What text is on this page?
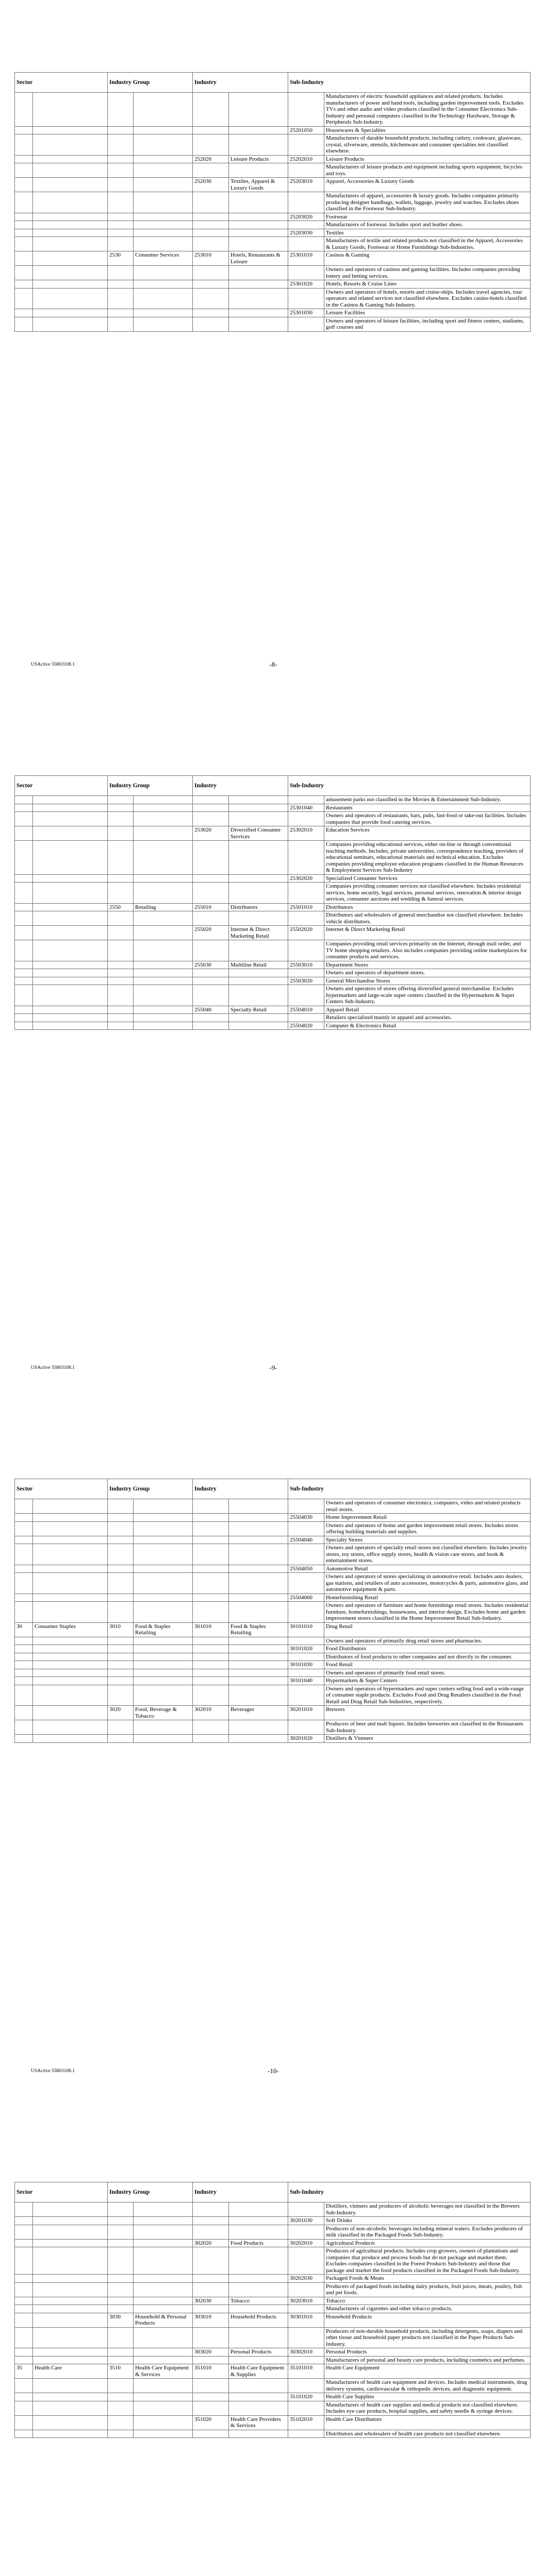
Sector		Industry Group		Industry		Sub-Industry	
							Manufacturers of electric household appliances and related products. Includes manufacturers of power and hand tools, including garden improvement tools. Excludes TVs and other audio and video products classified in the Consumer Electronics Sub-Industry and personal computers classified in the Technology Hardware, Storage & Peripherals Sub-Industry.
						25201050	Housewares & Specialties
							Manufacturers of durable household products, including cutlery, cookware, glassware, crystal, silverware, utensils, kitchenware and consumer specialties not classified elsewhere.
				252020	Leisure Products	25202010	Leisure Products
							Manufacturers of leisure products and equipment including sports equipment, bicycles and toys.
				252030	Textiles, Apparel & Luxury Goods	25203010	Apparel, Accessories & Luxury Goods
							Manufacturers of apparel, accessories & luxury goods. Includes companies primarily producing designer handbags, wallets, luggage, jewelry and watches. Excludes shoes classified in the Footwear Sub-Industry.
						25203020	Footwear
							Manufacturers of footwear. Includes sport and leather shoes.
						25203030	Textiles
							Manufacturers of textile and related products not classified in the Apparel, Accessories & Luxury Goods, Footwear or Home Furnishings Sub-Industries.
		2530	Consumer Services	253010	Hotels, Restaurants & Leisure	25301010	Casinos & Gaming
							Owners and operators of casinos and gaming facilities. Includes companies providing lottery and betting services.
						25301020	Hotels, Resorts & Cruise Lines
							Owners and operators of hotels, resorts and cruise-ships. Includes travel agencies, tour operators and related services not classified elsewhere. Excludes casino-hotels classified in the Casinos & Gaming Sub-Industry.
						25301030	Leisure Facilities
							Owners and operators of leisure facilities, including sport and fitness centers, stadiums, golf courses and
USActive 55803108.1	-8-
Sector		Industry Group		Industry		Sub-Industry	
							amusement parks not classified in the Movies & Entertainment Sub-Industry.
						25301040	Restaurants
							Owners and operators of restaurants, bars, pubs, fast-food or take-out facilities. Includes companies that provide food catering services.
				253020	Diversified Consumer Services	25302010	Education Services
							Companies providing educational services, either on-line or through conventional teaching methods. Includes, private universities, correspondence teaching, providers of educational seminars, educational materials and technical education. Excludes companies providing employee education programs classified in the Human Resources & Employment Services Sub-Industry
						25302020	Specialized Consumer Services
							Companies providing consumer services not classified elsewhere. Includes residential services, home security, legal services, personal services, renovation & interior design services, consumer auctions and wedding & funeral services.
		2550	Retailing	255010	Distributors	25501010	Distributors
							Distributors and wholesalers of general merchandise not classified elsewhere. Includes vehicle distributors.
				255020	Internet & Direct Marketing Retail	25502020	Internet & Direct Marketing Retail
							Companies providing retail services primarily on the Internet, through mail order, and TV home shopping retailers. Also includes companies providing online marketplaces for consumer products and services.
				255030	Multiline Retail	25503010	Department Stores
							Owners and operators of department stores.
						25503020	General Merchandise Stores
							Owners and operators of stores offering diversified general merchandise. Excludes hypermarkets and large-scale super centers classified in the Hypermarkets & Super Centers Sub-Industry.
				255040	Specialty Retail	25504010	Apparel Retail
							Retailers specialized mainly in apparel and accessories.
						25504020	Computer & Electronics Retail
USActive 55803108.1	-9-
Sector		Industry Group		Industry		Sub-Industry	
							Owners and operators of consumer electronics, computers, video and related products retail stores.
						25504030	Home Improvement Retail
							Owners and operators of home and garden improvement retail stores. Includes stores offering building materials and supplies.
						25504040	Specialty Stores
							Owners and operators of specialty retail stores not classified elsewhere. Includes jewelry stores, toy stores, office supply stores, health & vision care stores, and book & entertainment stores.
						25504050	Automotive Retail
							Owners and operators of stores specializing in automotive retail. Includes auto dealers, gas stations, and retailers of auto accessories, motorcycles & parts, automotive glass, and automotive equipment & parts.
						25504060	Homefurnishing Retail
							Owners and operators of furniture and home furnishings retail stores. Includes residential furniture, homefurnishings, housewares, and interior design. Excludes home and garden improvement stores classified in the Home Improvement Retail Sub-Industry.
30	Consumer Staples	3010	Food & Staples Retailing	301010	Food & Staples Retailing	30101010	Drug Retail
							Owners and operators of primarily drug retail stores and pharmacies.
						30101020	Food Distributors
							Distributors of food products to other companies and not directly to the consumer.
						30101030	Food Retail
							Owners and operators of primarily food retail stores.
						30101040	Hypermarkets & Super Centers
							Owners and operators of hypermarkets and super centers selling food and a wide-range of consumer staple products. Excludes Food and Drug Retailers classified in the Food Retail and Drug Retail Sub-Industries, respectively.
		3020	Food, Beverage & Tobacco	302010	Beverages	30201010	Brewers
							Producers of beer and malt liquors. Includes breweries not classified in the Restaurants Sub-Industry.
						30201020	Distillers & Vintners
USActive 55803108.1	-10-
Sector		Industry Group		Industry		Sub-Industry	
							Distillers, vintners and producers of alcoholic beverages not classified in the Brewers Sub-Industry.
						30201030	Soft Drinks
							Producers of non-alcoholic beverages including mineral waters. Excludes producers of milk classified in the Packaged Foods Sub-Industry.
				302020	Food Products	30202010	Agricultural Products
							Producers of agricultural products. Includes crop growers, owners of plantations and companies that produce and process foods but do not package and market them. Excludes companies classified in the Forest Products Sub-Industry and those that package and market the food products classified in the Packaged Foods Sub-Industry.
						30202030	Packaged Foods & Meats
							Producers of packaged foods including dairy products, fruit juices, meats, poultry, fish and pet foods.
				302030	Tobacco	30203010	Tobacco
							Manufacturers of cigarettes and other tobacco products.
		3030	Household & Personal Products	303010	Household Products	30301010	Household Products
							Producers of non-durable household products, including detergents, soaps, diapers and other tissue and household paper products not classified in the Paper Products Sub-Industry.
				303020	Personal Products	30302010	Personal Products
							Manufacturers of personal and beauty care products, including cosmetics and perfumes.
35	Health Care	3510	Health Care Equipment & Services	351010	Health Care Equipment & Supplies	35101010	Health Care Equipment
							Manufacturers of health care equipment and devices. Includes medical instruments, drug delivery systems, cardiovascular & orthopedic devices, and diagnostic equipment.
						35101020	Health Care Supplies
							Manufacturers of health care supplies and medical products not classified elsewhere. Includes eye care products, hospital supplies, and safety needle & syringe devices.
				351020	Health Care Providers & Services	35102010	Health Care Distributors
							Distributors and wholesalers of health care products not classified elsewhere.
